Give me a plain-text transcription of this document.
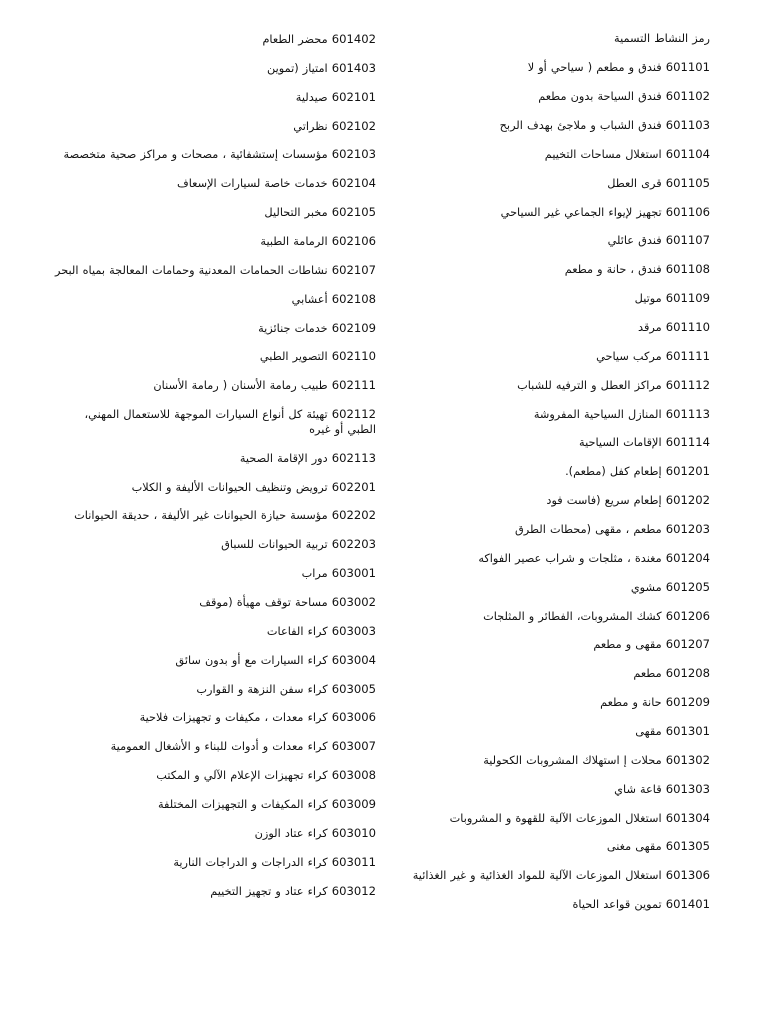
رمز النشاط التسمية
601101 فندق و مطعم ( سياحي أو لا
601102 فندق السياحة بدون مطعم
601103 فندق الشباب و ملاجئ بهدف الربح
601104 استغلال مساحات التخييم
601105 قرى العطل
601106 تجهيز لإيواء الجماعي غير السياحي
601107 فندق عائلي
601108 فندق ، حانة و مطعم
601109 موتيل
601110 مرقد
601111 مركب سياحي
601112 مراكز العطل و الترفيه للشباب
601113 المنازل السياحية المفروشة
601114 الإقامات السياحية
601201 إطعام كفل (مطعم).
601202 إطعام سريع (فاست فود
601203 مطعم ، مقهى (محطات الطرق
601204 مغندة ، مثلجات و شراب عصير الفواكه
601205 مشوي
601206 كشك المشروبات، الفطائر و المثلجات
601207 مقهى و مطعم
601208 مطعم
601209 حانة و مطعم
601301 مقهى
601302 محلات إ استهلاك المشروبات الكحولية
601303 قاعة شاي
601304 استغلال الموزعات الآلية للقهوة و المشروبات
601305 مقهى مغنى
601306 استغلال الموزعات الآلية للمواد الغذائية و غير الغذائية
601401 تموين قواعد الحياة
601402 محضر الطعام
601403 امتياز (تموين
602101 صيدلية
602102 نظراتي
602103 مؤسسات إستشفائية ، مصحات و مراكز صحية متخصصة
602104 خدمات خاصة لسيارات الإسعاف
602105 مخبر التحاليل
602106 الرمامة الطبية
602107 نشاطات الحمامات المعدنية وحمامات المعالجة بمياه البحر
602108 أعشابي
602109 خدمات جنائزية
602110 التصوير الطبي
602111 طبيب رمامة الأسنان ( رمامة الأسنان
602112 تهيئة كل أنواع السيارات الموجهة للاستعمال المهني، الطبي أو غيره
602113 دور الإقامة الصحية
602201 ترويض وتنظيف الحيوانات الأليفة و الكلاب
602202 مؤسسة حيازة الحيوانات غير الأليفة ، حديقة الحيوانات
602203 تربية الحيوانات للسباق
603001 مراب
603002 مساحة توقف مهيأة (موقف
603003 كراء الفاعات
603004 كراء السيارات مع أو بدون سائق
603005 كراء سفن النزهة و القوارب
603006 كراء معدات ، مكيفات و تجهيزات فلاحية
603007 كراء معدات و أدوات للبناء و الأشغال العمومية
603008 كراء تجهيزات الإعلام الآلي و المكتب
603009 كراء المكيفات و التجهيزات المختلفة
603010 كراء عتاد الوزن
603011 كراء الدراجات و الدراجات النارية
603012 كراء عتاد و تجهيز التخييم
